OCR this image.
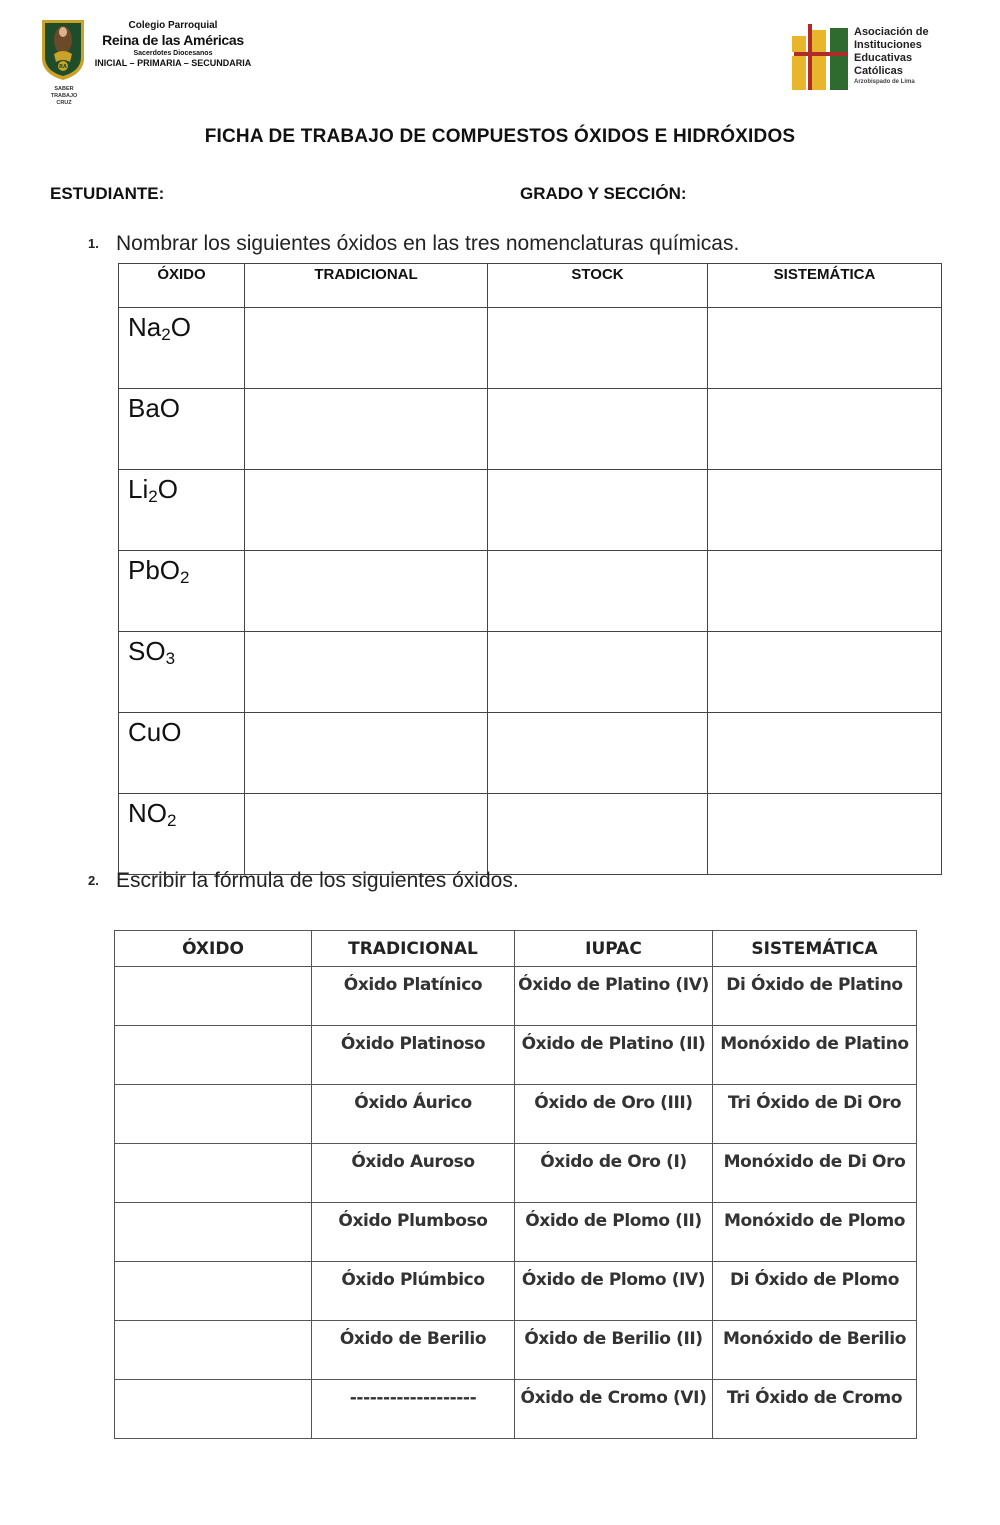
RA
Colegio Parroquial
Reina de las Américas
Sacerdotes Diocesanos
INICIAL – PRIMARIA – SECUNDARIA
SABER
TRABAJO
CRUZ
Asociación de
Instituciones
Educativas
Católicas
Arzobispado de Lima
FICHA DE TRABAJO DE COMPUESTOS ÓXIDOS E HIDRÓXIDOS
ESTUDIANTE:	GRADO Y SECCIÓN:
1. Nombrar los siguientes óxidos en las tres nomenclaturas químicas.
ÓXIDO	TRADICIONAL	STOCK	SISTEMÁTICA
$Na_2O$			
BaO			
$Li_2O$			
PbO$_2$			
$SO_3$			
CuO			
$NO_2$			
2. Escribir la fórmula de los siguientes óxidos.
ÓXIDO	TRADICIONAL	IUPAC	SISTEMÁTICA
	Óxido Platínico	Óxido de Platino (IV)	Di Óxido de Platino
	Óxido Platinoso	Óxido de Platino (II)	Monóxido de Platino
	Óxido Áurico	Óxido de Oro (III)	Tri Óxido de Di Oro
	Óxido Auroso	Óxido de Oro (I)	Monóxido de Di Oro
	Óxido Plumboso	Óxido de Plomo (II)	Monóxido de Plomo
	Óxido Plúmbico	Óxido de Plomo (IV)	Di Óxido de Plomo
	Óxido de Berilio	Óxido de Berilio (II)	Monóxido de Berilio
	-------------------	Óxido de Cromo (VI)	Tri Óxido de Cromo
